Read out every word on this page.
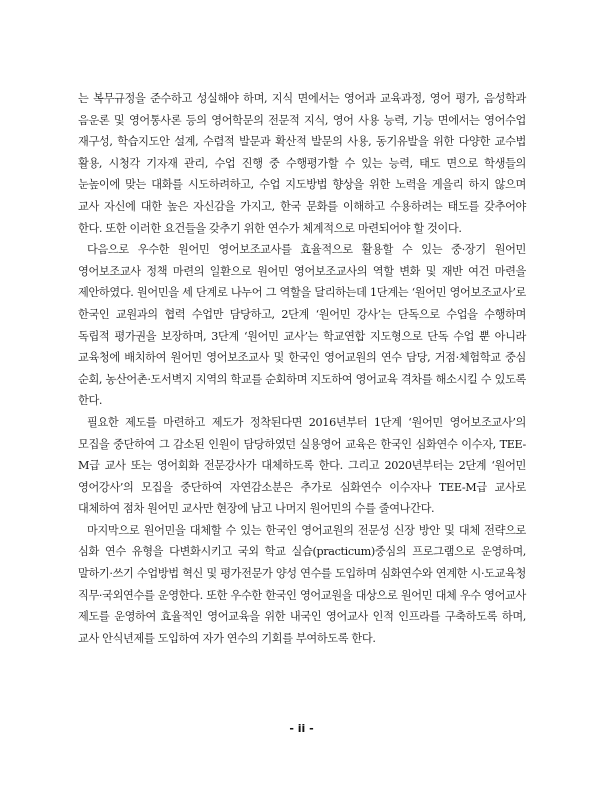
는 복무규정을 준수하고 성실해야 하며, 지식 면에서는 영어과 교육과정, 영어 평가, 음성학과 음운론 및 영어통사론 등의 영어학문의 전문적 지식, 영어 사용 능력, 기능 면에서는 영어수업 재구성, 학습지도안 설계, 수렴적 발문과 확산적 발문의 사용, 동기유발을 위한 다양한 교수법 활용, 시청각 기자재 관리, 수업 진행 중 수행평가할 수 있는 능력, 태도 면으로 학생들의 눈높이에 맞는 대화를 시도하려하고, 수업 지도방법 향상을 위한 노력을 게을리 하지 않으며 교사 자신에 대한 높은 자신감을 가지고, 한국 문화를 이해하고 수용하려는 태도를 갖추어야 한다. 또한 이러한 요건들을 갖추기 위한 연수가 체계적으로 마련되어야 할 것이다.

다음으로 우수한 원어민 영어보조교사를 효율적으로 활용할 수 있는 중·장기 원어민 영어보조교사 정책 마련의 일환으로 원어민 영어보조교사의 역할 변화 및 재반 여건 마련을 제안하였다. 원어민을 세 단계로 나누어 그 역할을 달리하는데 1단계는 ‘원어민 영어보조교사’로 한국인 교원과의 협력 수업만 담당하고, 2단계 ‘원어민 강사’는 단독으로 수업을 수행하며 독립적 평가권을 보장하며, 3단계 ‘원어민 교사’는 학교연합 지도형으로 단독 수업 뿐 아니라 교육청에 배치하여 원어민 영어보조교사 및 한국인 영어교원의 연수 담당, 거점·체험학교 중심 순회, 농산어촌·도서벽지 지역의 학교를 순회하며 지도하여 영어교육 격차를 해소시킬 수 있도록 한다.

필요한 제도를 마련하고 제도가 정착된다면 2016년부터 1단계 ‘원어민 영어보조교사’의 모집을 중단하여 그 감소된 인원이 담당하였던 실용영어 교육은 한국인 심화연수 이수자, TEE-M급 교사 또는 영어회화 전문강사가 대체하도록 한다. 그리고 2020년부터는 2단계 ‘원어민 영어강사’의 모집을 중단하여 자연감소분은 추가로 심화연수 이수자나 TEE-M급 교사로 대체하여 점차 원어민 교사만 현장에 남고 나머지 원어민의 수를 줄여나간다.

마지막으로 원어민을 대체할 수 있는 한국인 영어교원의 전문성 신장 방안 및 대체 전략으로 심화 연수 유형을 다변화시키고 국외 학교 실습(practicum)중심의 프로그램으로 운영하며, 말하기·쓰기 수업방법 혁신 및 평가전문가 양성 연수를 도입하며 심화연수와 연계한 시·도교육청 직무·국외연수를 운영한다. 또한 우수한 한국인 영어교원을 대상으로 원어민 대체 우수 영어교사 제도를 운영하여 효율적인 영어교육을 위한 내국인 영어교사 인적 인프라를 구축하도록 하며, 교사 안식년제를 도입하여 자가 연수의 기회를 부여하도록 한다.

- ii -
